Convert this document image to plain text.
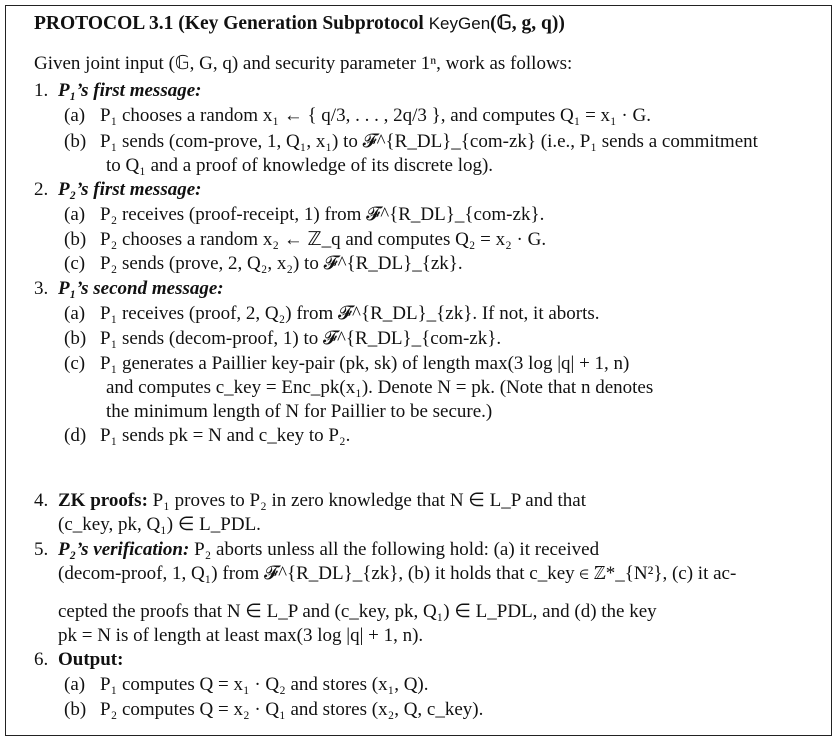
PROTOCOL 3.1 (Key Generation Subprotocol KeyGen(𝔾, g, q))
Given joint input (𝔾, G, q) and security parameter 1ⁿ, work as follows:
1. P₁’s first message:
(a) P₁ chooses a random x₁ ← { q/3, . . . , 2q/3 }, and computes Q₁ = x₁ · G.
(b) P₁ sends (com-prove, 1, Q₁, x₁) to 𝓕^{R_DL}_{com-zk} (i.e., P₁ sends a commitment
to Q₁ and a proof of knowledge of its discrete log).
2. P₂’s first message:
(a) P₂ receives (proof-receipt, 1) from 𝓕^{R_DL}_{com-zk}.
(b) P₂ chooses a random x₂ ← ℤ_q and computes Q₂ = x₂ · G.
(c) P₂ sends (prove, 2, Q₂, x₂) to 𝓕^{R_DL}_{zk}.
3. P₁’s second message:
(a) P₁ receives (proof, 2, Q₂) from 𝓕^{R_DL}_{zk}. If not, it aborts.
(b) P₁ sends (decom-proof, 1) to 𝓕^{R_DL}_{com-zk}.
(c) P₁ generates a Paillier key-pair (pk, sk) of length max(3 log |q| + 1, n)
and computes c_key = Enc_pk(x₁). Denote N = pk. (Note that n denotes
the minimum length of N for Paillier to be secure.)
(d) P₁ sends pk = N and c_key to P₂.
4. ZK proofs: P₁ proves to P₂ in zero knowledge that N ∈ L_P and that
(c_key, pk, Q₁) ∈ L_PDL.
5. P₂’s verification: P₂ aborts unless all the following hold: (a) it received
(decom-proof, 1, Q₁) from 𝓕^{R_DL}_{zk}, (b) it holds that c_key ∈ ℤ*_{N²}, (c) it ac-
cepted the proofs that N ∈ L_P and (c_key, pk, Q₁) ∈ L_PDL, and (d) the key
pk = N is of length at least max(3 log |q| + 1, n).
6. Output:
(a) P₁ computes Q = x₁ · Q₂ and stores (x₁, Q).
(b) P₂ computes Q = x₂ · Q₁ and stores (x₂, Q, c_key).
